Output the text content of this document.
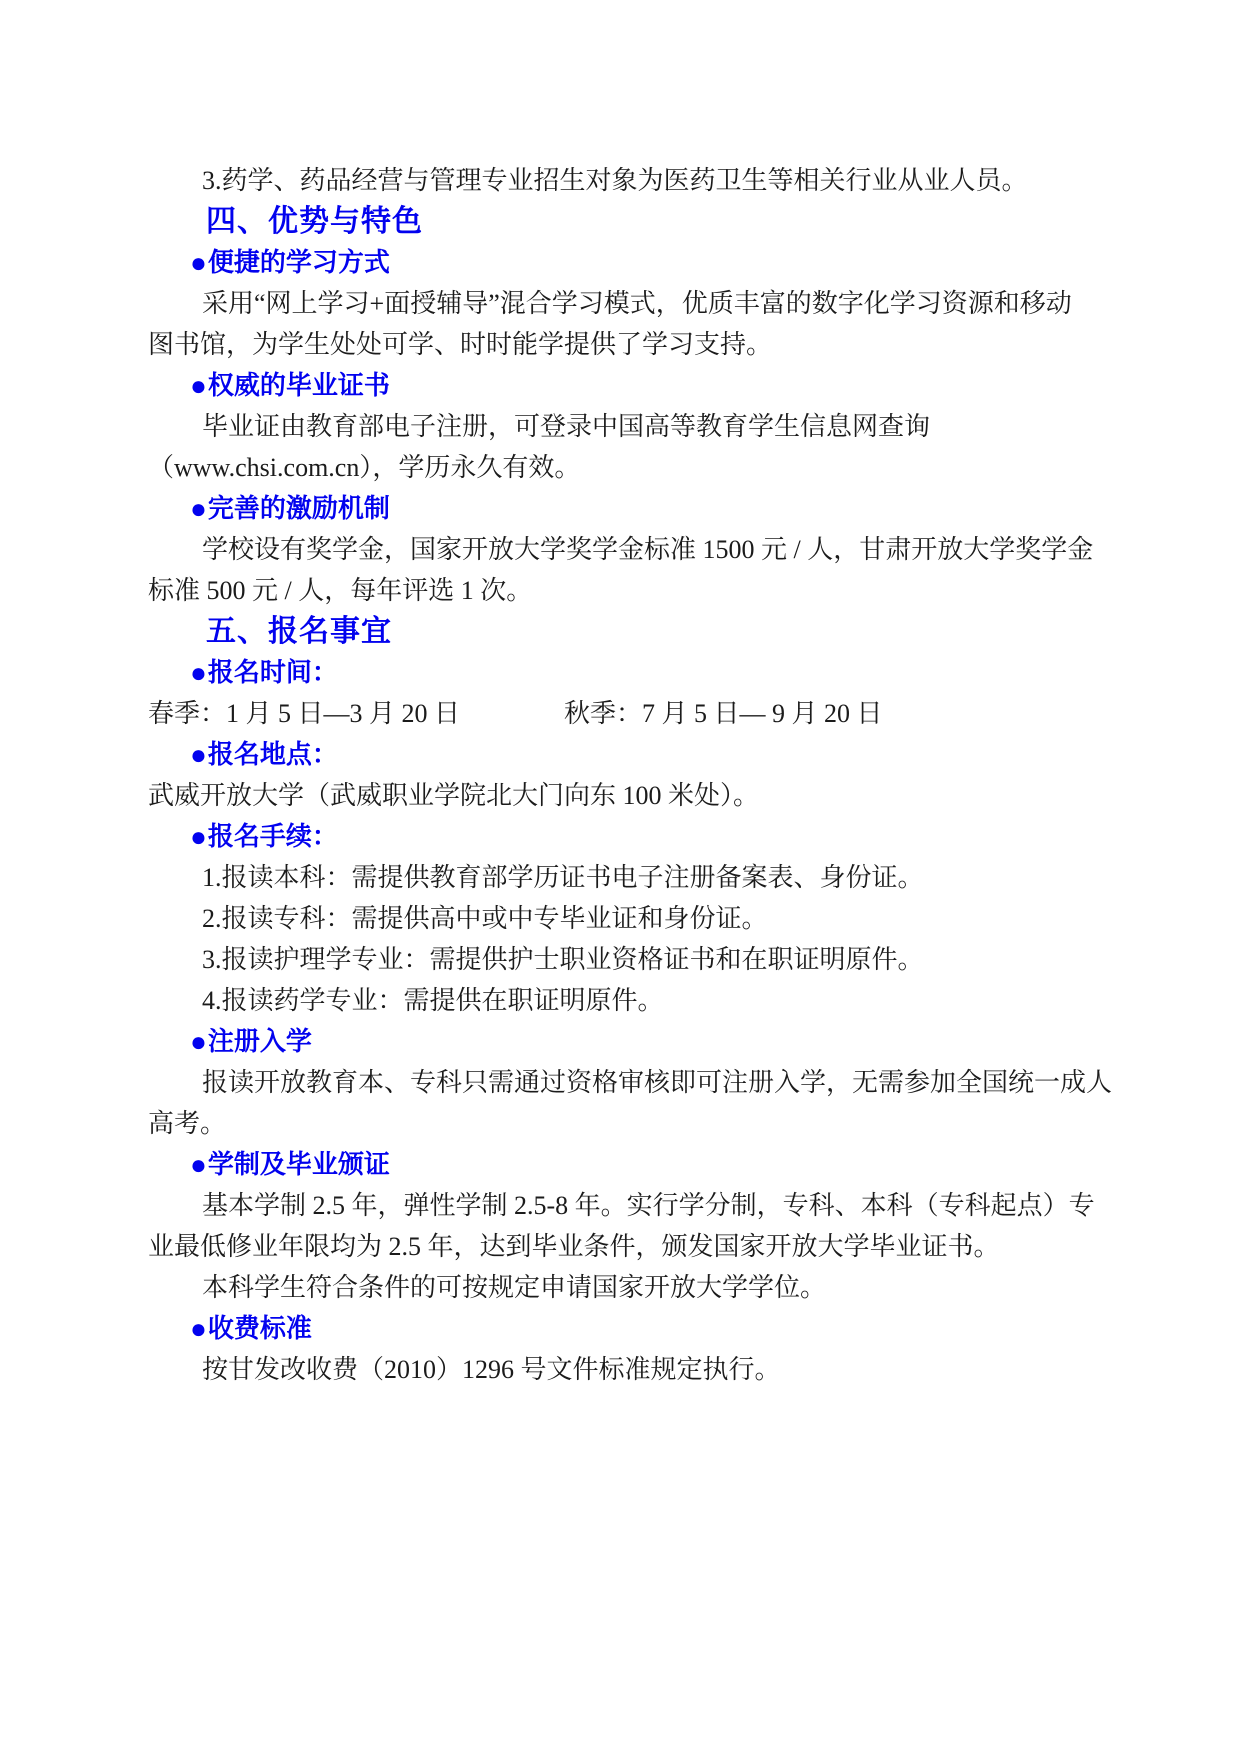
3.药学、药品经营与管理专业招生对象为医药卫生等相关行业从业人员。

四、优势与特色

●便捷的学习方式

采用“网上学习+面授辅导”混合学习模式，优质丰富的数字化学习资源和移动

图书馆，为学生处处可学、时时能学提供了学习支持。

●权威的毕业证书

毕业证由教育部电子注册，可登录中国高等教育学生信息网查询

（www.chsi.com.cn），学历永久有效。

●完善的激励机制

学校设有奖学金，国家开放大学奖学金标准 1500 元 / 人，甘肃开放大学奖学金

标准 500 元 / 人，每年评选 1 次。

五、报名事宜

●报名时间：

春季：1 月 5 日—3 月 20 日　　　　秋季：7 月 5 日— 9 月 20 日

●报名地点：

武威开放大学（武威职业学院北大门向东 100 米处）。

●报名手续：

1.报读本科：需提供教育部学历证书电子注册备案表、身份证。

2.报读专科：需提供高中或中专毕业证和身份证。

3.报读护理学专业：需提供护士职业资格证书和在职证明原件。

4.报读药学专业：需提供在职证明原件。

●注册入学

报读开放教育本、专科只需通过资格审核即可注册入学，无需参加全国统一成人

高考。

●学制及毕业颁证

基本学制 2.5 年，弹性学制 2.5-8 年。实行学分制，专科、本科（专科起点）专

业最低修业年限均为 2.5 年，达到毕业条件，颁发国家开放大学毕业证书。

本科学生符合条件的可按规定申请国家开放大学学位。

●收费标准

按甘发改收费（2010）1296 号文件标准规定执行。
